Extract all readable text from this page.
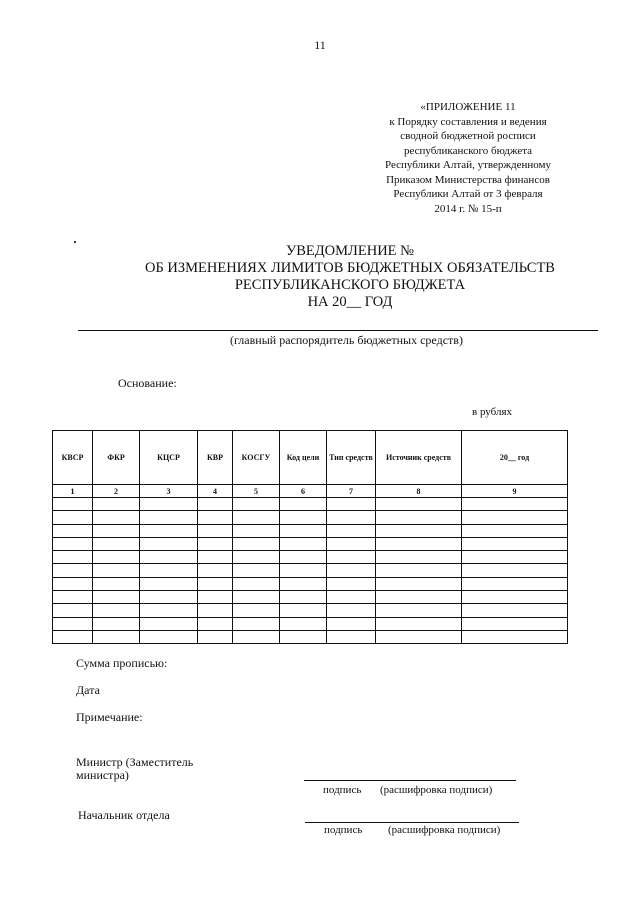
11
«ПРИЛОЖЕНИЕ 11
к Порядку составления и ведения
сводной бюджетной росписи
республиканского бюджета
Республики Алтай, утвержденному
Приказом Министерства финансов
Республики Алтай от 3 февраля
2014 г. № 15-п
УВЕДОМЛЕНИЕ №
ОБ ИЗМЕНЕНИЯХ ЛИМИТОВ БЮДЖЕТНЫХ ОБЯЗАТЕЛЬСТВ
РЕСПУБЛИКАНСКОГО БЮДЖЕТА
НА 20__ ГОД
(главный распорядитель бюджетных средств)
Основание:
в рублях
КВСР	ФКР	КЦСР	КВР	КОСГУ	Код цели	Тип средств	Источник средств	20__ год
1	2	3	4	5	6	7	8	9

Сумма прописью:
Дата
Примечание:
Министр (Заместитель
министра)
подпись (расшифровка подписи)
Начальник отдела
подпись (расшифровка подписи)
